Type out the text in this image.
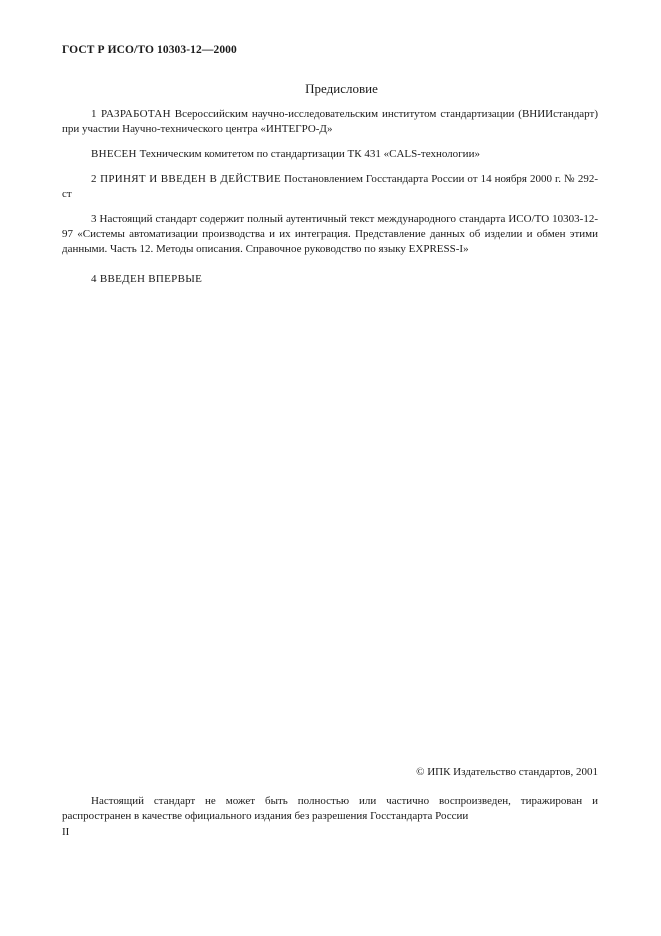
ГОСТ Р ИСО/ТО 10303-12—2000
Предисловие

1 РАЗРАБОТАН Всероссийским научно-исследовательским институтом стандартизации (ВНИИстандарт) при участии Научно-технического центра «ИНТЕГРО-Д»

ВНЕСЕН Техническим комитетом по стандартизации ТК 431 «CALS-технологии»

2 ПРИНЯТ И ВВЕДЕН В ДЕЙСТВИЕ Постановлением Госстандарта России от 14 ноября 2000 г. № 292-ст

3 Настоящий стандарт содержит полный аутентичный текст международного стандарта ИСО/ТО 10303-12-97 «Системы автоматизации производства и их интеграция. Представление данных об изделии и обмен этими данными. Часть 12. Методы описания. Справочное руководство по языку EXPRESS-I»

4 ВВЕДЕН ВПЕРВЫЕ

© ИПК Издательство стандартов, 2001

Настоящий стандарт не может быть полностью или частично воспроизведен, тиражирован и распространен в качестве официального издания без разрешения Госстандарта России

II
